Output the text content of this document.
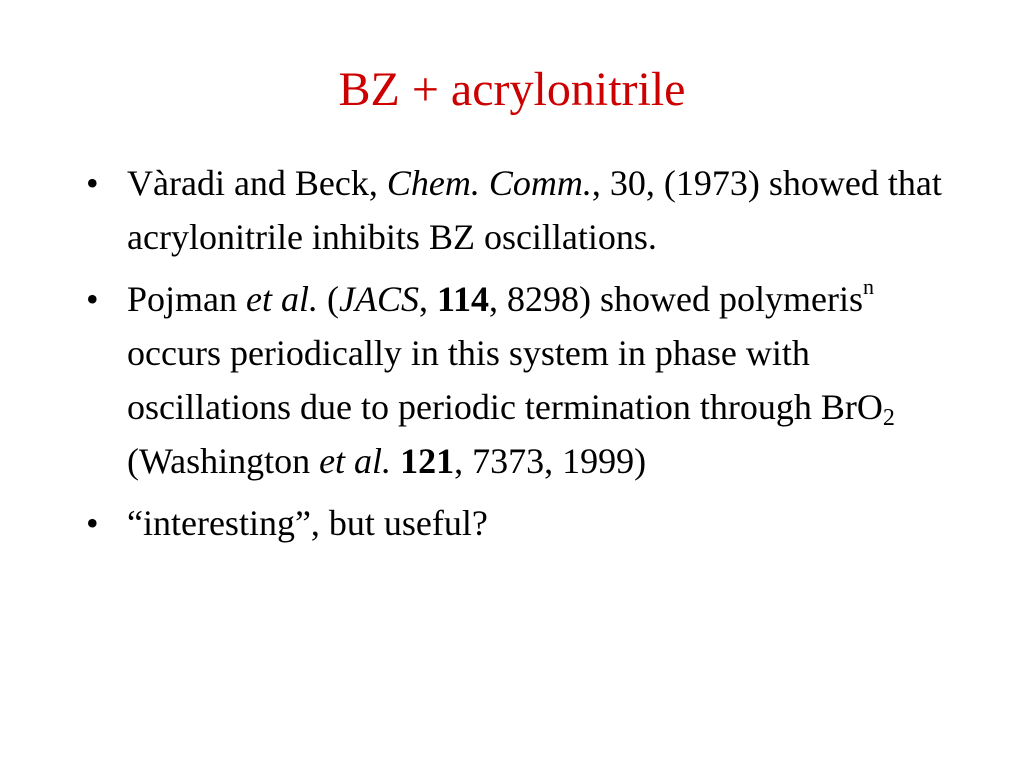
BZ + acrylonitrile
• Vàradi and Beck, Chem. Comm., 30, (1973) showed that acrylonitrile inhibits BZ oscillations.
• Pojman et al. (JACS, 114, 8298) showed polymeris$^n$ occurs periodically in this system in phase with oscillations due to periodic termination through BrO$_2$ (Washington et al. 121, 7373, 1999)
• “interesting”, but useful?
